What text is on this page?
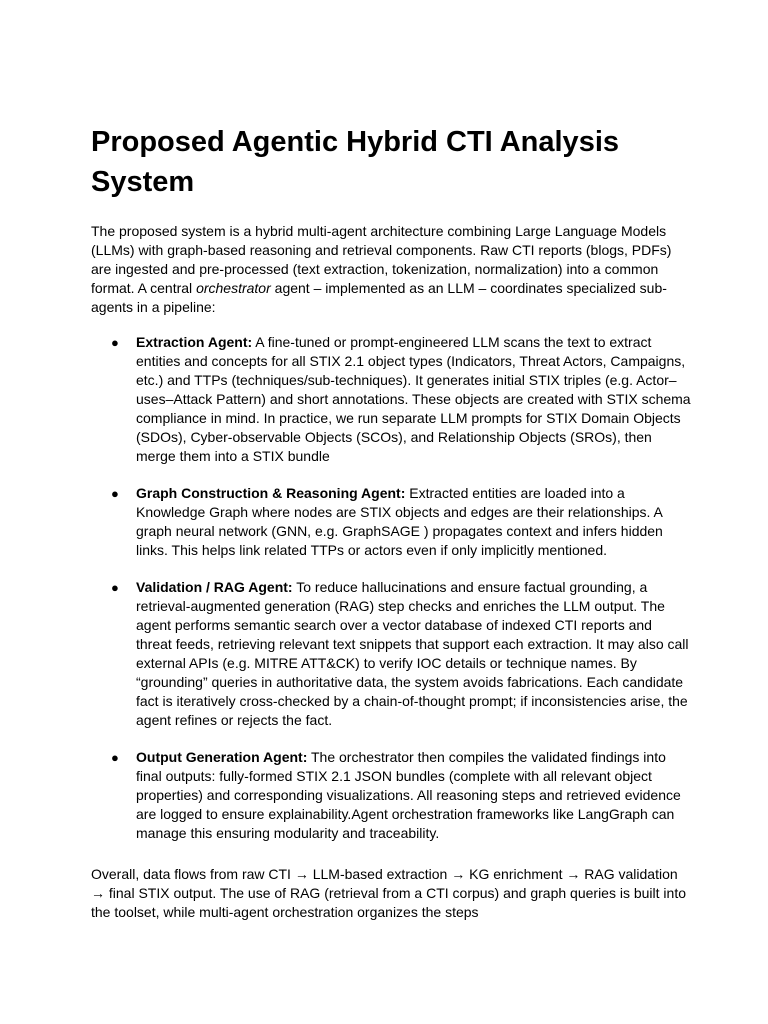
Proposed Agentic Hybrid CTI Analysis System

The proposed system is a hybrid multi-agent architecture combining Large Language Models (LLMs) with graph-based reasoning and retrieval components. Raw CTI reports (blogs, PDFs) are ingested and pre-processed (text extraction, tokenization, normalization) into a common format. A central orchestrator agent – implemented as an LLM – coordinates specialized sub-agents in a pipeline:

● Extraction Agent: A fine-tuned or prompt-engineered LLM scans the text to extract entities and concepts for all STIX 2.1 object types (Indicators, Threat Actors, Campaigns, etc.) and TTPs (techniques/sub-techniques). It generates initial STIX triples (e.g. Actor–uses–Attack Pattern) and short annotations. These objects are created with STIX schema compliance in mind. In practice, we run separate LLM prompts for STIX Domain Objects (SDOs), Cyber-observable Objects (SCOs), and Relationship Objects (SROs), then merge them into a STIX bundle
● Graph Construction & Reasoning Agent: Extracted entities are loaded into a Knowledge Graph where nodes are STIX objects and edges are their relationships. A graph neural network (GNN, e.g. GraphSAGE ) propagates context and infers hidden links. This helps link related TTPs or actors even if only implicitly mentioned.
● Validation / RAG Agent: To reduce hallucinations and ensure factual grounding, a retrieval-augmented generation (RAG) step checks and enriches the LLM output. The agent performs semantic search over a vector database of indexed CTI reports and threat feeds, retrieving relevant text snippets that support each extraction. It may also call external APIs (e.g. MITRE ATT&CK) to verify IOC details or technique names. By “grounding” queries in authoritative data, the system avoids fabrications. Each candidate fact is iteratively cross-checked by a chain-of-thought prompt; if inconsistencies arise, the agent refines or rejects the fact.
● Output Generation Agent: The orchestrator then compiles the validated findings into final outputs: fully-formed STIX 2.1 JSON bundles (complete with all relevant object properties) and corresponding visualizations. All reasoning steps and retrieved evidence are logged to ensure explainability.Agent orchestration frameworks like LangGraph can manage this ensuring modularity and traceability.

Overall, data flows from raw CTI → LLM-based extraction → KG enrichment → RAG validation → final STIX output. The use of RAG (retrieval from a CTI corpus) and graph queries is built into the toolset, while multi-agent orchestration organizes the steps
